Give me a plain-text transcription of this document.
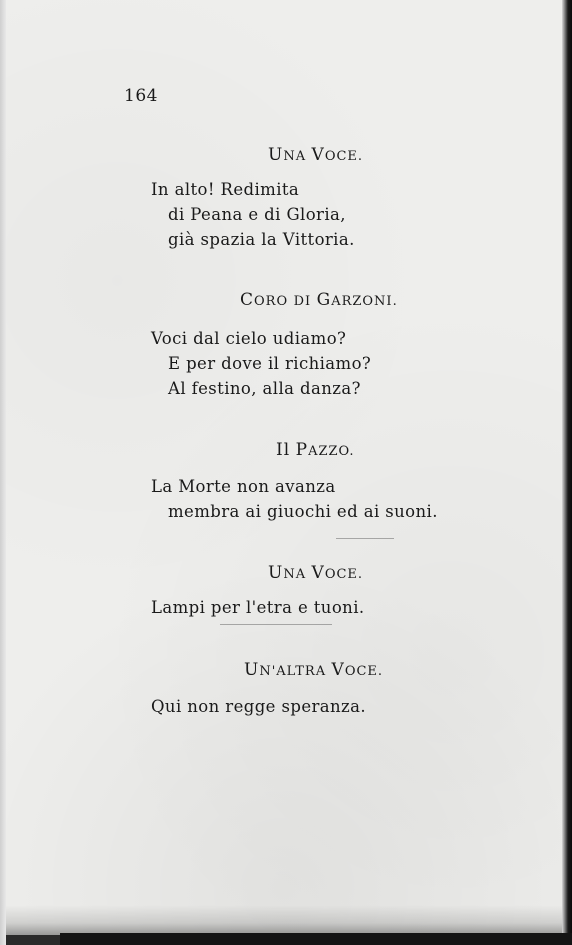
164
UNA VOCE.
In alto! Redimita
di Peana e di Gloria,
già spazia la Vittoria.
CORO DI GARZONI.
Voci dal cielo udiamo?
E per dove il richiamo?
Al festino, alla danza?
Il PAZZO.
La Morte non avanza
membra ai giuochi ed ai suoni.
UNA VOCE.
Lampi per l'etra e tuoni.
UN'ALTRA VOCE.
Qui non regge speranza.
